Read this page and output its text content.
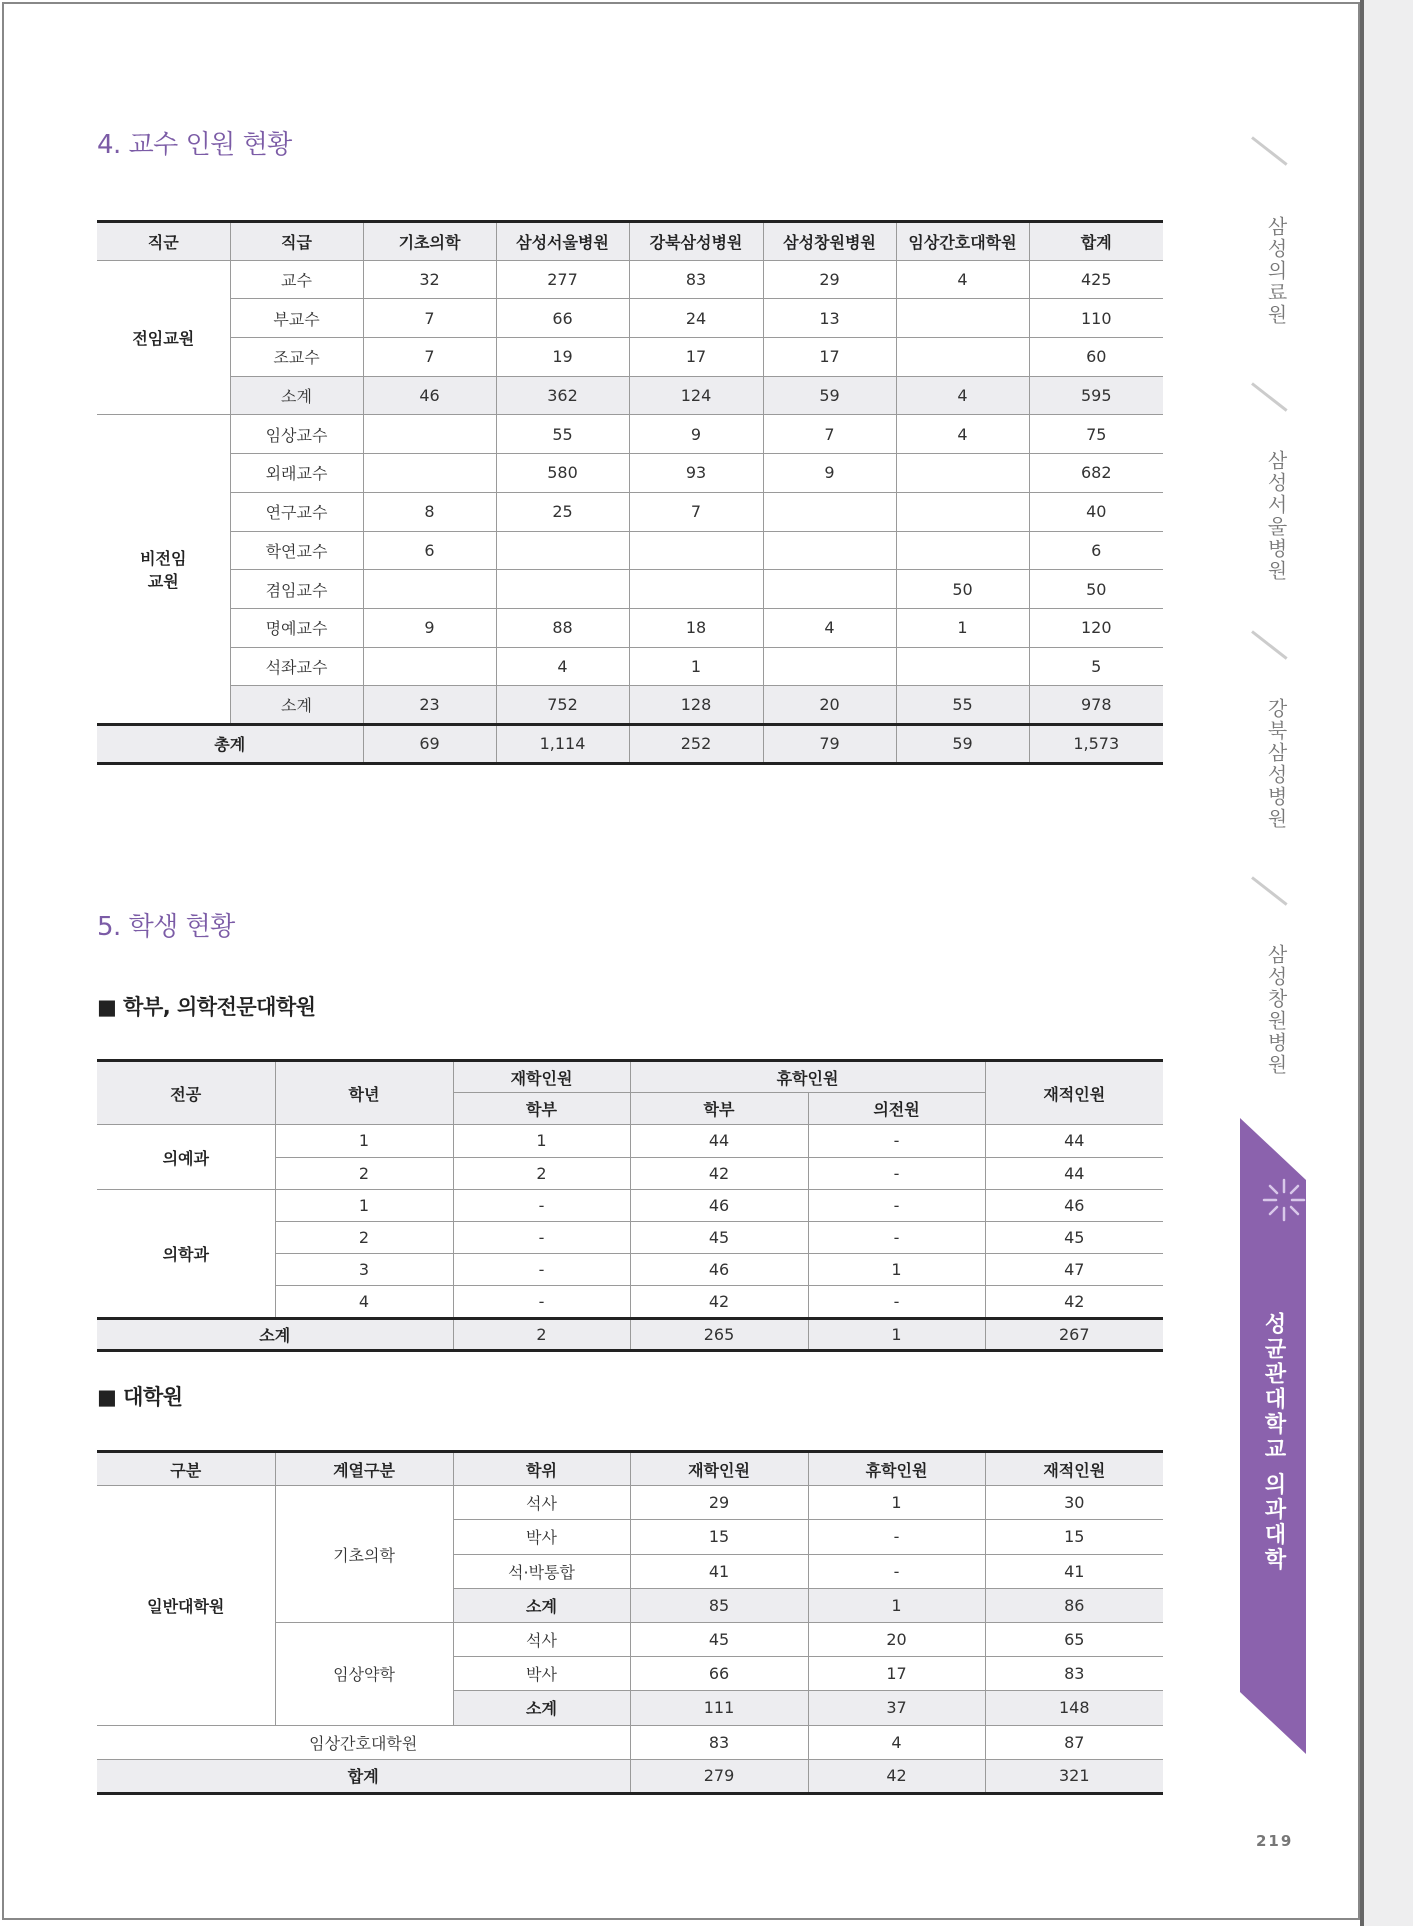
4. 교수 인원 현황
직군	직급	기초의학	삼성서울병원	강북삼성병원	삼성창원병원	임상간호대학원	합계
전임교원	교수	32	277	83	29	4	425
	부교수	7	66	24	13		110
	조교수	7	19	17	17		60
	소계	46	362	124	59	4	595
비전임
교원	임상교수		55	9	7	4	75
	외래교수		580	93	9		682
	연구교수	8	25	7			40
	학연교수	6					6
	겸임교수					50	50
	명예교수	9	88	18	4	1	120
	석좌교수		4	1			5
	소계	23	752	128	20	55	978
총계		69	1,114	252	79	59	1,573
5. 학생 현황
■ 학부, 의학전문대학원
전공	학년	재학인원	휴학인원		재적인원
		학부	학부	의전원	
의예과	1	1	44	-	44
	2	2	42	-	44
의학과	1	-	46	-	46
	2	-	45	-	45
	3	-	46	1	47
	4	-	42	-	42
소계		2	265	1	267
■ 대학원
구분	계열구분	학위	재학인원	휴학인원	재적인원
일반대학원	기초의학	석사	29	1	30
		박사	15	-	15
		석·박통합	41	-	41
		소계	85	1	86
	임상약학	석사	45	20	65
		박사	66	17	83
		소계	111	37	148
임상간호대학원			83	4	87
합계			279	42	321
삼성의료원
삼성서울병원
강북삼성병원
삼성창원병원
성균관대학교 의과대학
219
